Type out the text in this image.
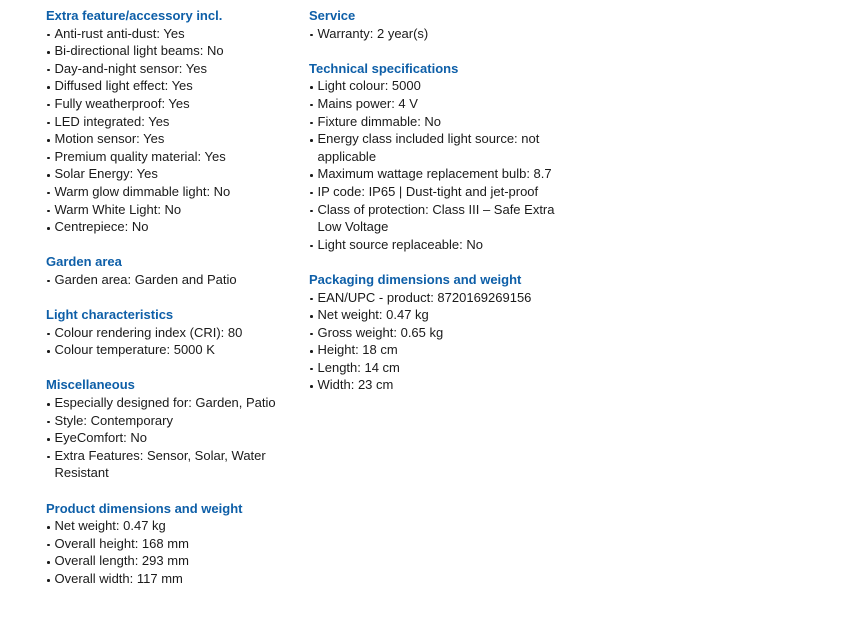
Extra feature/accessory incl.
Anti-rust anti-dust: Yes
Bi-directional light beams: No
Day-and-night sensor: Yes
Diffused light effect: Yes
Fully weatherproof: Yes
LED integrated: Yes
Motion sensor: Yes
Premium quality material: Yes
Solar Energy: Yes
Warm glow dimmable light: No
Warm White Light: No
Centrepiece: No
Garden area
Garden area: Garden and Patio
Light characteristics
Colour rendering index (CRI): 80
Colour temperature: 5000 K
Miscellaneous
Especially designed for: Garden, Patio
Style: Contemporary
EyeComfort: No
Extra Features: Sensor, Solar, Water Resistant
Product dimensions and weight
Net weight: 0.47 kg
Overall height: 168 mm
Overall length: 293 mm
Overall width: 117 mm
Service
Warranty: 2 year(s)
Technical specifications
Light colour: 5000
Mains power: 4 V
Fixture dimmable: No
Energy class included light source: not applicable
Maximum wattage replacement bulb: 8.7
IP code: IP65 | Dust-tight and jet-proof
Class of protection: Class III – Safe Extra Low Voltage
Light source replaceable: No
Packaging dimensions and weight
EAN/UPC - product: 8720169269156
Net weight: 0.47 kg
Gross weight: 0.65 kg
Height: 18 cm
Length: 14 cm
Width: 23 cm
